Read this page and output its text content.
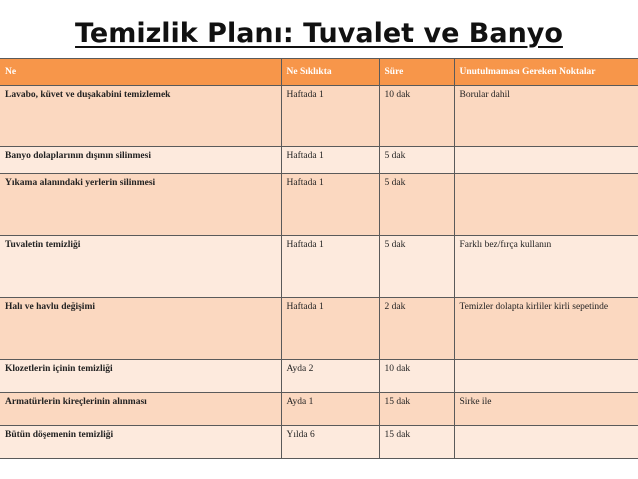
Temizlik Planı: Tuvalet ve Banyo
Ne	Ne Sıklıkta	Süre	Unutulmaması Gereken Noktalar
Lavabo, küvet ve duşakabini temizlemek	Haftada 1	10 dak	Borular dahil
Banyo dolaplarının dışının silinmesi	Haftada 1	5 dak	
Yıkama alanındaki yerlerin silinmesi	Haftada 1	5 dak	
Tuvaletin temizliği	Haftada 1	5 dak	Farklı bez/fırça kullanın
Halı ve havlu değişimi	Haftada 1	2 dak	Temizler dolapta kirliler kirli sepetinde
Klozetlerin içinin temizliği	Ayda 2	10 dak	
Armatürlerin kireçlerinin alınması	Ayda 1	15 dak	Sirke ile
Bütün döşemenin temizliği	Yılda 6	15 dak	
